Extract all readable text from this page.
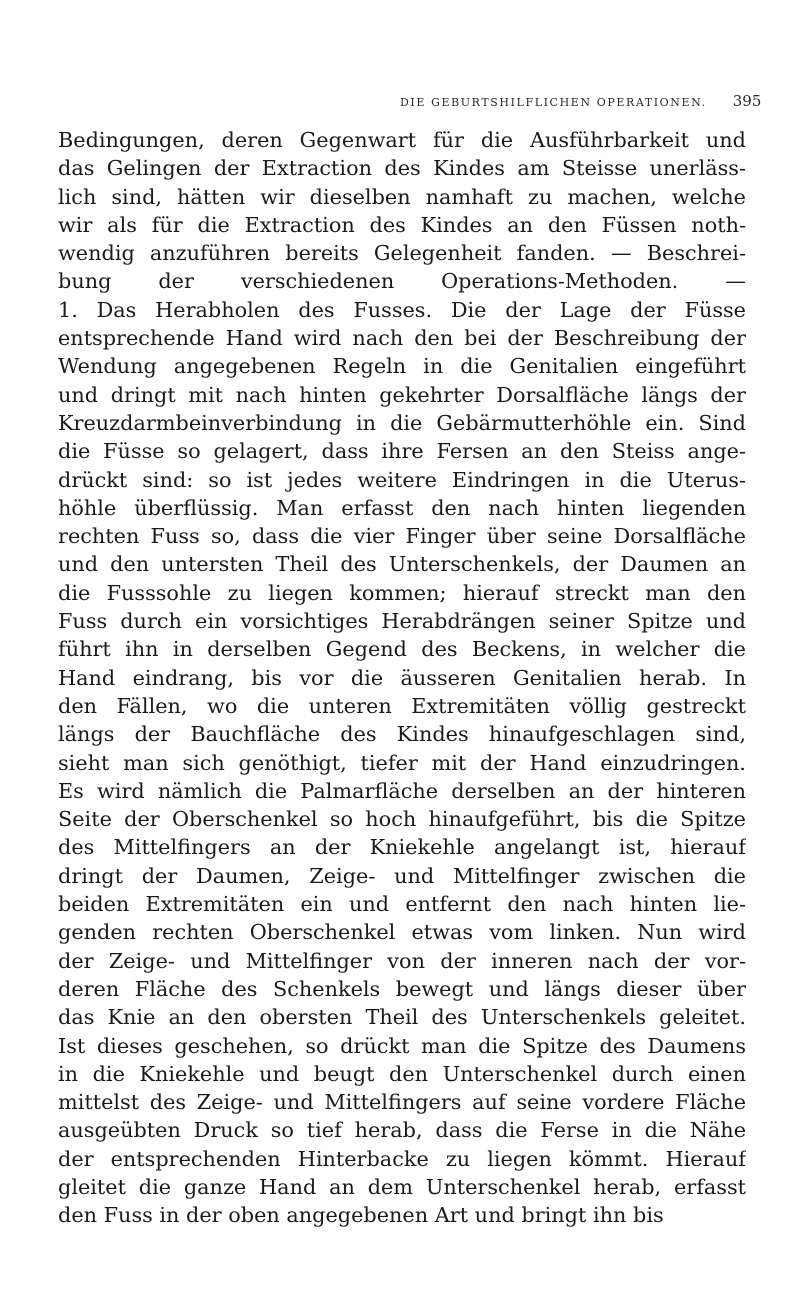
DIE GEBURTSHILFLICHEN OPERATIONEN. 395
Bedingungen, deren Gegenwart für die Ausführbarkeit und
das Gelingen der Extraction des Kindes am Steisse unerläss-
lich sind, hätten wir dieselben namhaft zu machen, welche
wir als für die Extraction des Kindes an den Füssen noth-
wendig anzuführen bereits Gelegenheit fanden. — Beschrei-
bung der verschiedenen Operations-Methoden. —
1. Das Herabholen des Fusses. Die der Lage der Füsse
entsprechende Hand wird nach den bei der Beschreibung der
Wendung angegebenen Regeln in die Genitalien eingeführt
und dringt mit nach hinten gekehrter Dorsalfläche längs der
Kreuzdarmbeinverbindung in die Gebärmutterhöhle ein. Sind
die Füsse so gelagert, dass ihre Fersen an den Steiss ange-
drückt sind: so ist jedes weitere Eindringen in die Uterus-
höhle überflüssig. Man erfasst den nach hinten liegenden
rechten Fuss so, dass die vier Finger über seine Dorsalfläche
und den untersten Theil des Unterschenkels, der Daumen an
die Fusssohle zu liegen kommen; hierauf streckt man den
Fuss durch ein vorsichtiges Herabdrängen seiner Spitze und
führt ihn in derselben Gegend des Beckens, in welcher die
Hand eindrang, bis vor die äusseren Genitalien herab. In
den Fällen, wo die unteren Extremitäten völlig gestreckt
längs der Bauchfläche des Kindes hinaufgeschlagen sind,
sieht man sich genöthigt, tiefer mit der Hand einzudringen.
Es wird nämlich die Palmarfläche derselben an der hinteren
Seite der Oberschenkel so hoch hinaufgeführt, bis die Spitze
des Mittelfingers an der Kniekehle angelangt ist, hierauf
dringt der Daumen, Zeige- und Mittelfinger zwischen die
beiden Extremitäten ein und entfernt den nach hinten lie-
genden rechten Oberschenkel etwas vom linken. Nun wird
der Zeige- und Mittelfinger von der inneren nach der vor-
deren Fläche des Schenkels bewegt und längs dieser über
das Knie an den obersten Theil des Unterschenkels geleitet.
Ist dieses geschehen, so drückt man die Spitze des Daumens
in die Kniekehle und beugt den Unterschenkel durch einen
mittelst des Zeige- und Mittelfingers auf seine vordere Fläche
ausgeübten Druck so tief herab, dass die Ferse in die Nähe
der entsprechenden Hinterbacke zu liegen kömmt. Hierauf
gleitet die ganze Hand an dem Unterschenkel herab, erfasst
den Fuss in der oben angegebenen Art und bringt ihn bis
